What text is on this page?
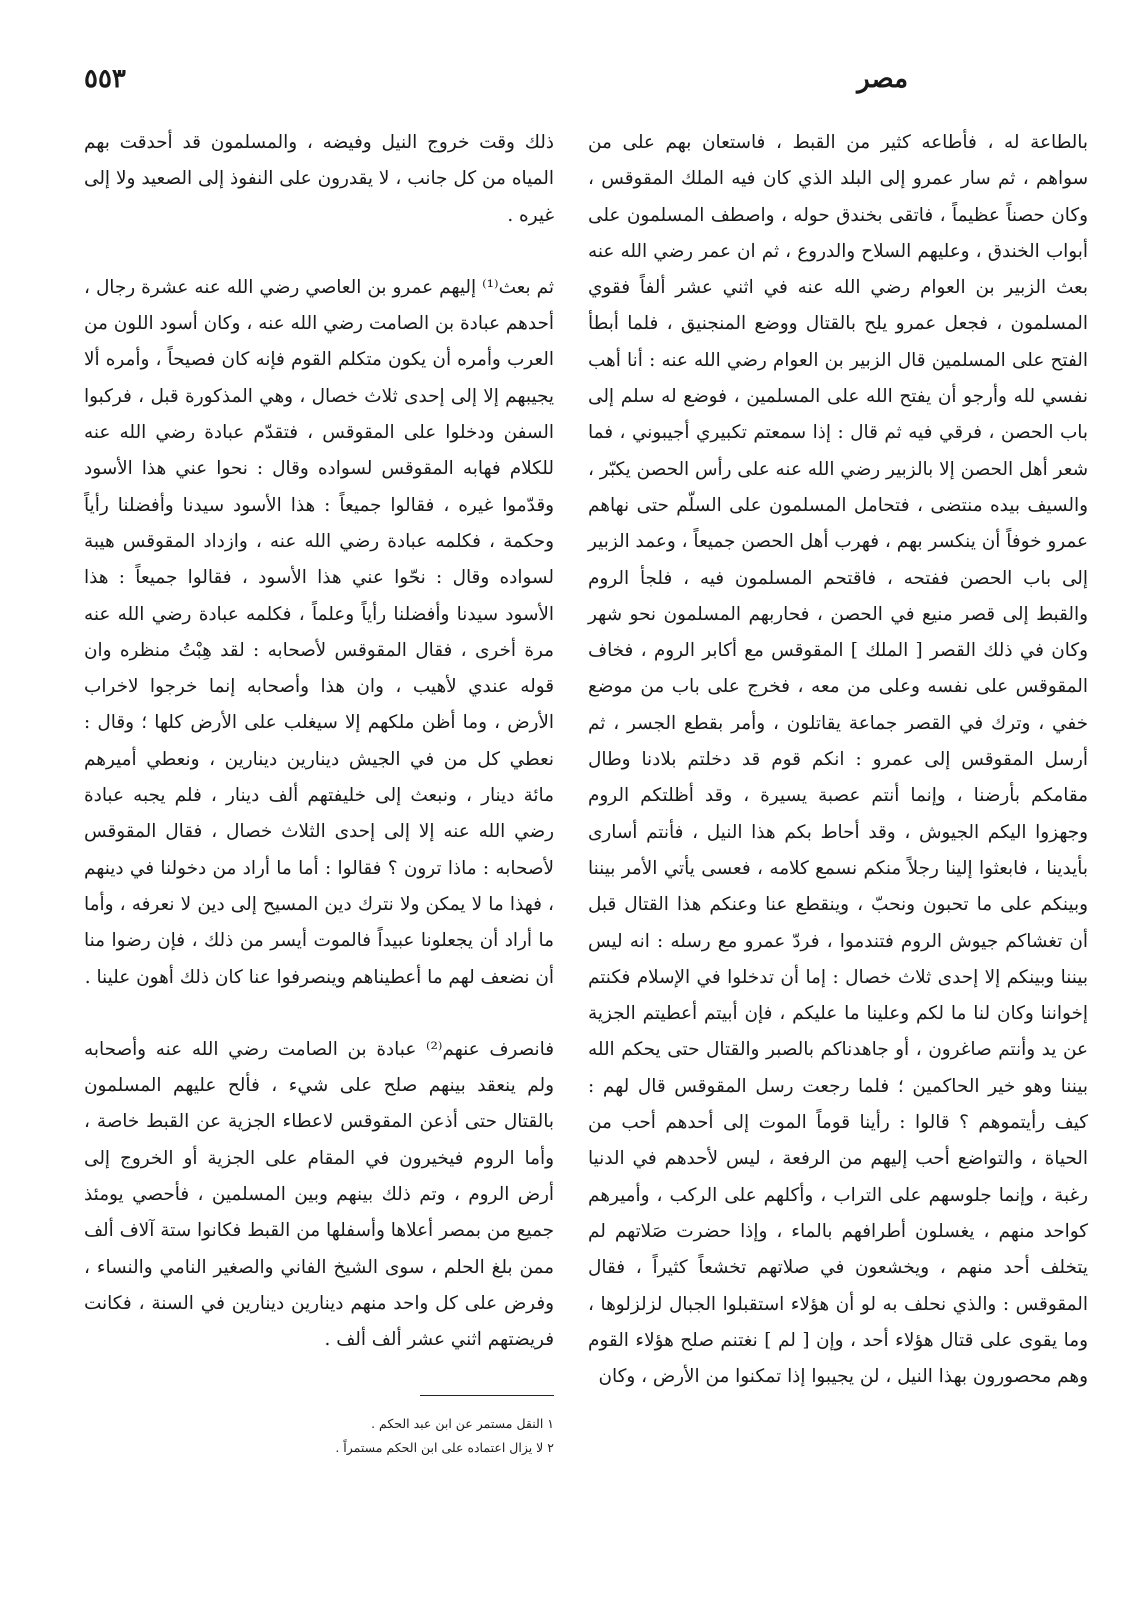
مصر
٥٥٣

بالطاعة له ، فأطاعه كثير من القبط ، فاستعان بهم على من سواهم ، ثم سار عمرو إلى البلد الذي كان فيه الملك المقوقس ، وكان حصناً عظيماً ، فاتقى بخندق حوله ، واصطف المسلمون على أبواب الخندق ، وعليهم السلاح والدروع ، ثم ان عمر رضي الله عنه بعث الزبير بن العوام رضي الله عنه في اثني عشر ألفاً فقوي المسلمون ، فجعل عمرو يلح بالقتال ووضع المنجنيق ، فلما أبطأ الفتح على المسلمين قال الزبير بن العوام رضي الله عنه : أنا أهب نفسي لله وأرجو أن يفتح الله على المسلمين ، فوضع له سلم إلى باب الحصن ، فرقي فيه ثم قال : إذا سمعتم تكبيري أجيبوني ، فما شعر أهل الحصن إلا بالزبير رضي الله عنه على رأس الحصن يكبّر ، والسيف بيده منتضى ، فتحامل المسلمون على السلّم حتى نهاهم عمرو خوفاً أن ينكسر بهم ، فهرب أهل الحصن جميعاً ، وعمد الزبير إلى باب الحصن ففتحه ، فاقتحم المسلمون فيه ، فلجأ الروم والقبط إلى قصر منيع في الحصن ، فحاربهم المسلمون نحو شهر وكان في ذلك القصر [ الملك ] المقوقس مع أكابر الروم ، فخاف المقوقس على نفسه وعلى من معه ، فخرج على باب من موضع خفي ، وترك في القصر جماعة يقاتلون ، وأمر بقطع الجسر ، ثم أرسل المقوقس إلى عمرو : انكم قوم قد دخلتم بلادنا وطال مقامكم بأرضنا ، وإنما أنتم عصبة يسيرة ، وقد أظلتكم الروم وجهزوا اليكم الجيوش ، وقد أحاط بكم هذا النيل ، فأنتم أسارى بأيدينا ، فابعثوا إلينا رجلاً منكم نسمع كلامه ، فعسى يأتي الأمر بيننا وبينكم على ما تحبون ونحبّ ، وينقطع عنا وعنكم هذا القتال قبل أن تغشاكم جيوش الروم فتندموا ، فردّ عمرو مع رسله : انه ليس بيننا وبينكم إلا إحدى ثلاث خصال : إما أن تدخلوا في الإسلام فكنتم إخواننا وكان لنا ما لكم وعلينا ما عليكم ، فإن أبيتم أعطيتم الجزية عن يد وأنتم صاغرون ، أو جاهدناكم بالصبر والقتال حتى يحكم الله بيننا وهو خير الحاكمين ؛ فلما رجعت رسل المقوقس قال لهم : كيف رأيتموهم ؟ قالوا : رأينا قوماً الموت إلى أحدهم أحب من الحياة ، والتواضع أحب إليهم من الرفعة ، ليس لأحدهم في الدنيا رغبة ، وإنما جلوسهم على التراب ، وأكلهم على الركب ، وأميرهم كواحد منهم ، يغسلون أطرافهم بالماء ، وإذا حضرت صَلاتهم لم يتخلف أحد منهم ، ويخشعون في صلاتهم تخشعاً كثيراً ، فقال المقوقس : والذي نحلف به لو أن هؤلاء استقبلوا الجبال لزلزلوها ، وما يقوى على قتال هؤلاء أحد ، وإن [ لم ] نغتنم صلح هؤلاء القوم وهم محصورون بهذا النيل ، لن يجيبوا إذا تمكنوا من الأرض ، وكان

ذلك وقت خروج النيل وفيضه ، والمسلمون قد أحدقت بهم المياه من كل جانب ، لا يقدرون على النفوذ إلى الصعيد ولا إلى غيره .

ثم بعث⁽¹⁾ إليهم عمرو بن العاصي رضي الله عنه عشرة رجال ، أحدهم عبادة بن الصامت رضي الله عنه ، وكان أسود اللون من العرب وأمره أن يكون متكلم القوم فإنه كان فصيحاً ، وأمره ألا يجيبهم إلا إلى إحدى ثلاث خصال ، وهي المذكورة قبل ، فركبوا السفن ودخلوا على المقوقس ، فتقدّم عبادة رضي الله عنه للكلام فهابه المقوقس لسواده وقال : نحوا عني هذا الأسود وقدّموا غيره ، فقالوا جميعاً : هذا الأسود سيدنا وأفضلنا رأياً وحكمة ، فكلمه عبادة رضي الله عنه ، وازداد المقوقس هيبة لسواده وقال : نحّوا عني هذا الأسود ، فقالوا جميعاً : هذا الأسود سيدنا وأفضلنا رأياً وعلماً ، فكلمه عبادة رضي الله عنه مرة أخرى ، فقال المقوقس لأصحابه : لقد هِبْتُ منظره وان قوله عندي لأهيب ، وان هذا وأصحابه إنما خرجوا لاخراب الأرض ، وما أظن ملكهم إلا سيغلب على الأرض كلها ؛ وقال : نعطي كل من في الجيش دينارين دينارين ، ونعطي أميرهم مائة دينار ، ونبعث إلى خليفتهم ألف دينار ، فلم يجبه عبادة رضي الله عنه إلا إلى إحدى الثلاث خصال ، فقال المقوقس لأصحابه : ماذا ترون ؟ فقالوا : أما ما أراد من دخولنا في دينهم ، فهذا ما لا يمكن ولا نترك دين المسيح إلى دين لا نعرفه ، وأما ما أراد أن يجعلونا عبيداً فالموت أيسر من ذلك ، فإن رضوا منا أن نضعف لهم ما أعطيناهم وينصرفوا عنا كان ذلك أهون علينا .

فانصرف عنهم⁽²⁾ عبادة بن الصامت رضي الله عنه وأصحابه ولم ينعقد بينهم صلح على شيء ، فألح عليهم المسلمون بالقتال حتى أذعن المقوقس لاعطاء الجزية عن القبط خاصة ، وأما الروم فيخيرون في المقام على الجزية أو الخروج إلى أرض الروم ، وتم ذلك بينهم وبين المسلمين ، فأحصي يومئذ جميع من بمصر أعلاها وأسفلها من القبط فكانوا ستة آلاف ألف ممن بلغ الحلم ، سوى الشيخ الفاني والصغير النامي والنساء ، وفرض على كل واحد منهم دينارين دينارين في السنة ، فكانت فريضتهم اثني عشر ألف ألف .

١ النقل مستمر عن ابن عبد الحكم .

٢ لا يزال اعتماده على ابن الحكم مستمراً .
